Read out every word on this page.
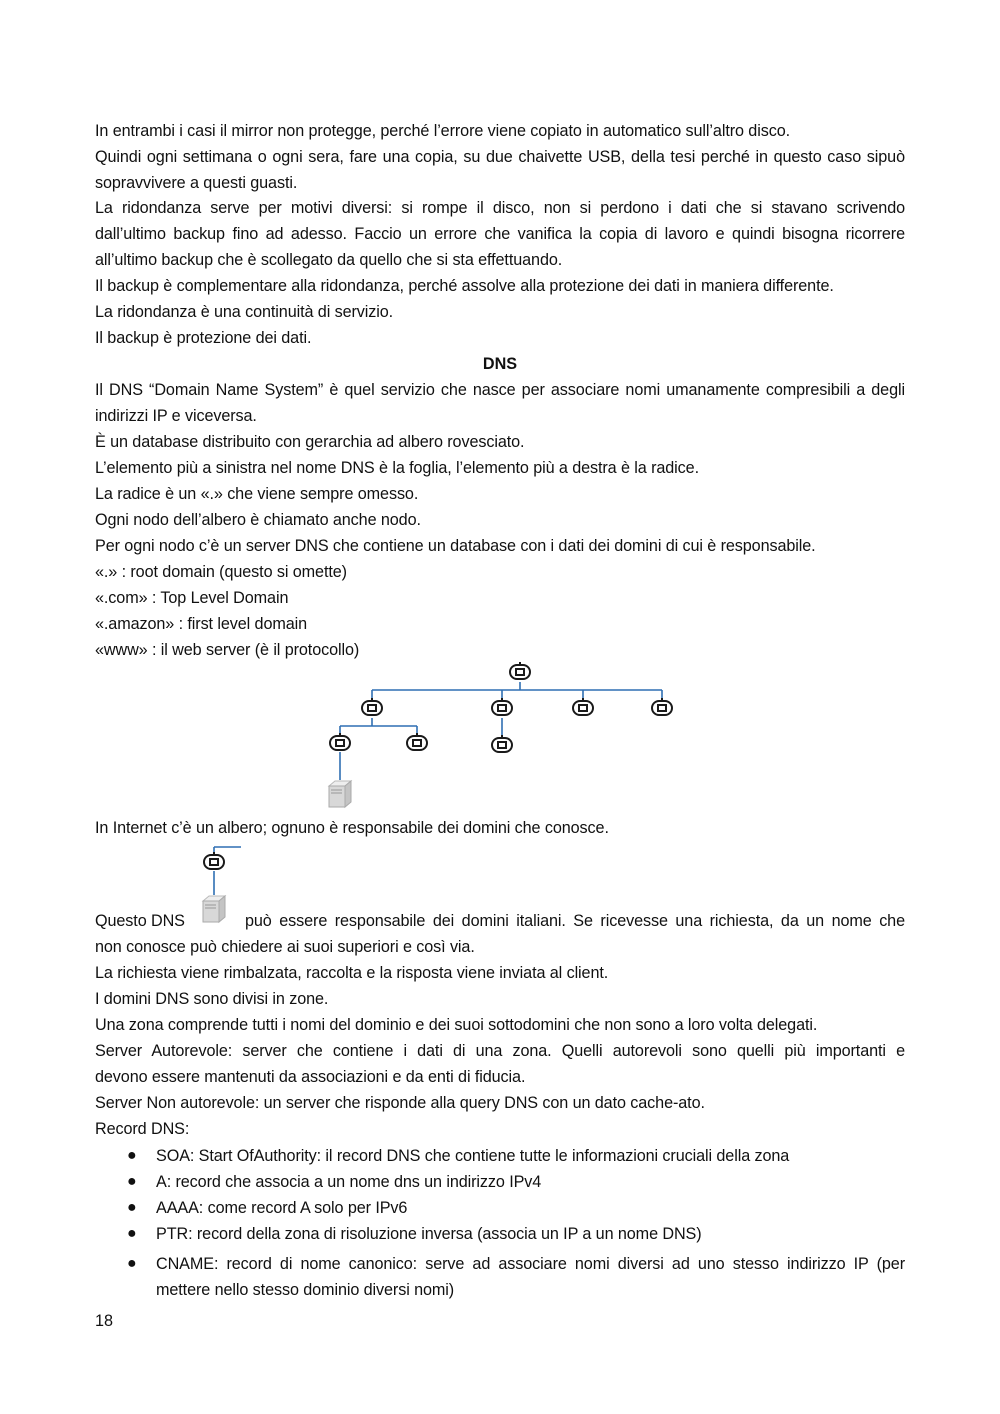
In entrambi i casi il mirror non protegge, perché l’errore viene copiato in automatico sull’altro disco.
Quindi ogni settimana o ogni sera, fare una copia, su due chaivette USB, della tesi perché in questo caso sipuò
sopravvivere a questi guasti.
La ridondanza serve per motivi diversi: si rompe il disco, non si perdono i dati che si stavano scrivendo
dall’ultimo backup fino ad adesso. Faccio un errore che vanifica la copia di lavoro e quindi bisogna ricorrere
all’ultimo backup che è scollegato da quello che si sta effettuando.
Il backup è complementare alla ridondanza, perché assolve alla protezione dei dati in maniera differente.
La ridondanza è una continuità di servizio.
Il backup è protezione dei dati.
DNS
Il DNS “Domain Name System” è quel servizio che nasce per associare nomi umanamente compresibili a degli
indirizzi IP e viceversa.
È un database distribuito con gerarchia ad albero rovesciato.
L’elemento più a sinistra nel nome DNS è la foglia, l’elemento più a destra è la radice.
La radice è un «.» che viene sempre omesso.
Ogni nodo dell’albero è chiamato anche nodo.
Per ogni nodo c’è un server DNS che contiene un database con i dati dei domini di cui è responsabile.
«.» : root domain (questo si omette)
«.com» : Top Level Domain
«.amazon» : first level domain
«www» : il web server (è il protocollo)
In Internet c’è un albero; ognuno è responsabile dei domini che conosce.
Questo DNS	può essere responsabile dei domini italiani. Se ricevesse una richiesta, da un nome che
non conosce può chiedere ai suoi superiori e così via.
La richiesta viene rimbalzata, raccolta e la risposta viene inviata al client.
I domini DNS sono divisi in zone.
Una zona comprende tutti i nomi del dominio e dei suoi sottodomini che non sono a loro volta delegati.
Server Autorevole: server che contiene i dati di una zona. Quelli autorevoli sono quelli più importanti e
devono essere mantenuti da associazioni e da enti di fiducia.
Server Non autorevole: un server che risponde alla query DNS con un dato cache-ato.
Record DNS:
● SOA: Start OfAuthority: il record DNS che contiene tutte le informazioni cruciali della zona
● A: record che associa a un nome dns un indirizzo IPv4
● AAAA: come record A solo per IPv6
● PTR: record della zona di risoluzione inversa (associa un IP a un nome DNS)
● CNAME: record di nome canonico: serve ad associare nomi diversi ad uno stesso indirizzo IP (per
mettere nello stesso dominio diversi nomi)
18
